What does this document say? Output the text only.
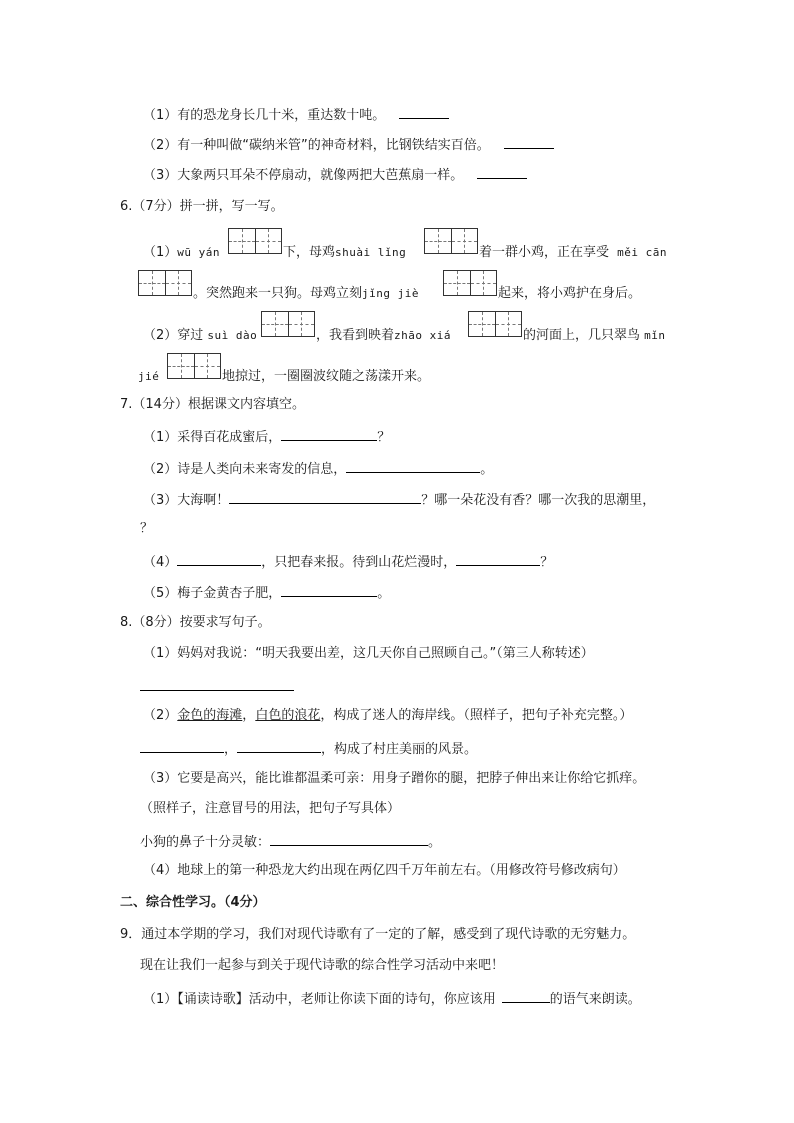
（1）有的恐龙身长几十米，重达数十吨。
（2）有一种叫做“碳纳米管”的神奇材料，比钢铁结实百倍。
（3）大象两只耳朵不停扇动，就像两把大芭蕉扇一样。
6.（7分）拼一拼，写一写。
（1）wū yán	下，母鸡shuài lǐng	着一群小鸡，正在享受 měi cān
。突然跑来一只狗。母鸡立刻jǐng jiè	起来，将小鸡护在身后。
（2）穿过 suì dào	，我看到映着zhāo xiá	的河面上，几只翠鸟 mǐn
jié	地掠过，一圈圈波纹随之荡漾开来。
7.（14分）根据课文内容填空。
（1）采得百花成蜜后，	？
（2）诗是人类向未来寄发的信息，	。
（3）大海啊！	？哪一朵花没有香？哪一次我的思潮里，
？
（4）	，只把春来报。待到山花烂漫时，	？
（5）梅子金黄杏子肥，	。
8.（8分）按要求写句子。
（1）妈妈对我说：“明天我要出差，这几天你自己照顾自己。”（第三人称转述）
（2）金色的海滩，白色的浪花，构成了迷人的海岸线。（照样子，把句子补充完整。）
，	，构成了村庄美丽的风景。
（3）它要是高兴，能比谁都温柔可亲：用身子蹭你的腿，把脖子伸出来让你给它抓痒。
（照样子，注意冒号的用法，把句子写具体）
小狗的鼻子十分灵敏：	。
（4）地球上的第一种恐龙大约出现在两亿四千万年前左右。（用修改符号修改病句）
二、综合性学习。（4分）
9．通过本学期的学习，我们对现代诗歌有了一定的了解，感受到了现代诗歌的无穷魅力。
现在让我们一起参与到关于现代诗歌的综合性学习活动中来吧！
（1）【诵读诗歌】活动中，老师让你读下面的诗句，你应该用	的语气来朗读。
